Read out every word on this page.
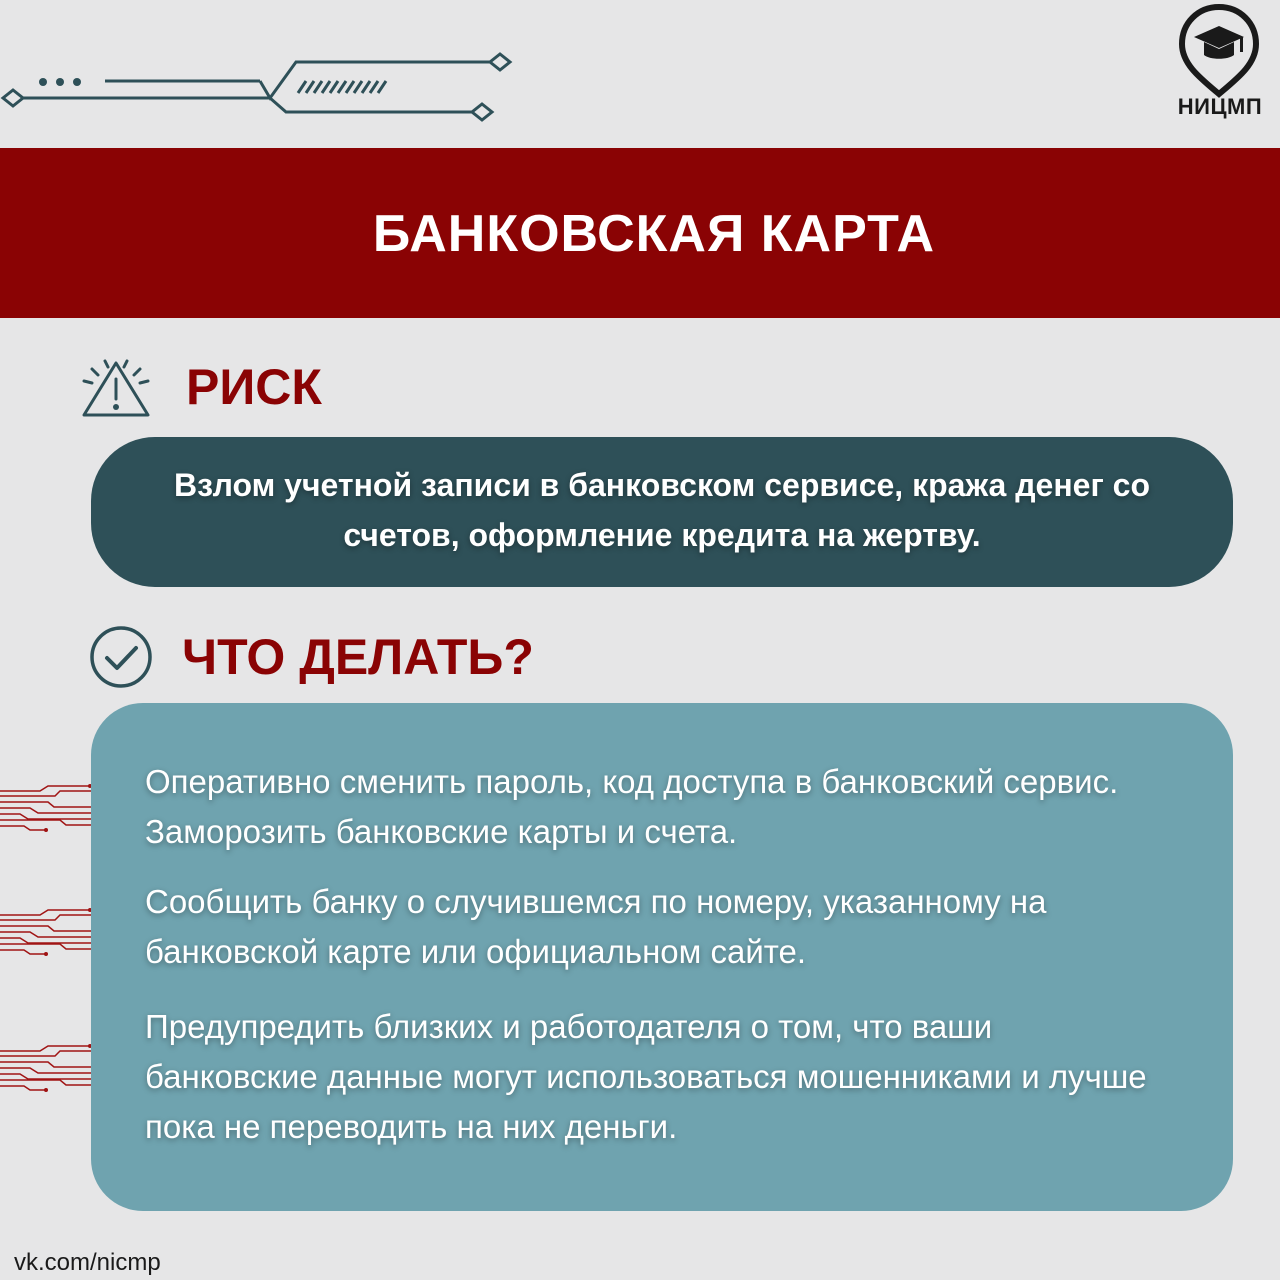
НИЦМП
БАНКОВСКАЯ КАРТА
РИСК
Взлом учетной записи в банковском сервисе, кража денег со счетов, оформление кредита на жертву.
ЧТО ДЕЛАТЬ?
Оперативно сменить пароль, код доступа в банковский сервис. Заморозить банковские карты и счета.
Сообщить банку о случившемся по номеру, указанному на банковской карте или официальном сайте.
Предупредить близких и работодателя о том, что ваши банковские данные могут использоваться мошенниками и лучше пока не переводить на них деньги.
vk.com/nicmp
